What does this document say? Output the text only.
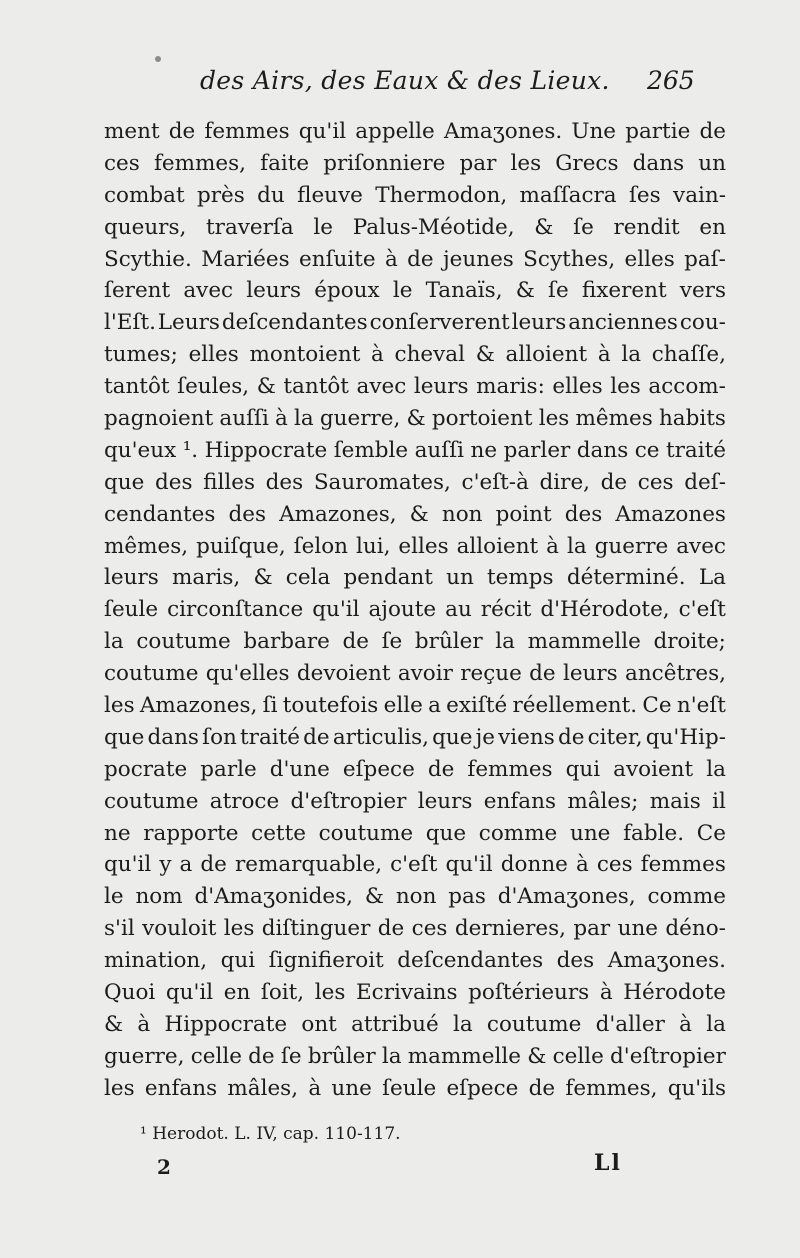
des Airs, des Eaux & des Lieux. 265
ment de femmes qu'il appelle Amaʒones. Une partie de
ces femmes, faite priſonniere par les Grecs dans un
combat près du fleuve Thermodon, maſſacra ſes vain-
queurs, traverſa le Palus-Méotide, & ſe rendit en
Scythie. Mariées enſuite à de jeunes Scythes, elles paſ-
ſerent avec leurs époux le Tanaïs, & ſe fixerent vers
l'Eſt. Leurs deſcendantes conſerverent leurs anciennes cou-
tumes; elles montoient à cheval & alloient à la chaſſe,
tantôt ſeules, & tantôt avec leurs maris: elles les accom-
pagnoient auſſi à la guerre, & portoient les mêmes habits
qu'eux ¹. Hippocrate ſemble auſſi ne parler dans ce traité
que des filles des Sauromates, c'eſt-à dire, de ces deſ-
cendantes des Amazones, & non point des Amazones
mêmes, puiſque, ſelon lui, elles alloient à la guerre avec
leurs maris, & cela pendant un temps déterminé. La
ſeule circonſtance qu'il ajoute au récit d'Hérodote, c'eſt
la coutume barbare de ſe brûler la mammelle droite;
coutume qu'elles devoient avoir reçue de leurs ancêtres,
les Amazones, ſi toutefois elle a exiſté réellement. Ce n'eſt
que dans ſon traité de articulis, que je viens de citer, qu'Hip-
pocrate parle d'une eſpece de femmes qui avoient la
coutume atroce d'eſtropier leurs enfans mâles; mais il
ne rapporte cette coutume que comme une fable. Ce
qu'il y a de remarquable, c'eſt qu'il donne à ces femmes
le nom d'Amaʒonides, & non pas d'Amaʒones, comme
s'il vouloit les diſtinguer de ces dernieres, par une déno-
mination, qui ſignifieroit deſcendantes des Amaʒones.
Quoi qu'il en ſoit, les Ecrivains poſtérieurs à Hérodote
& à Hippocrate ont attribué la coutume d'aller à la
guerre, celle de ſe brûler la mammelle & celle d'eſtropier
les enfans mâles, à une ſeule eſpece de femmes, qu'ils
¹ Herodot. L. IV, cap. 110-117.
2	Ll
